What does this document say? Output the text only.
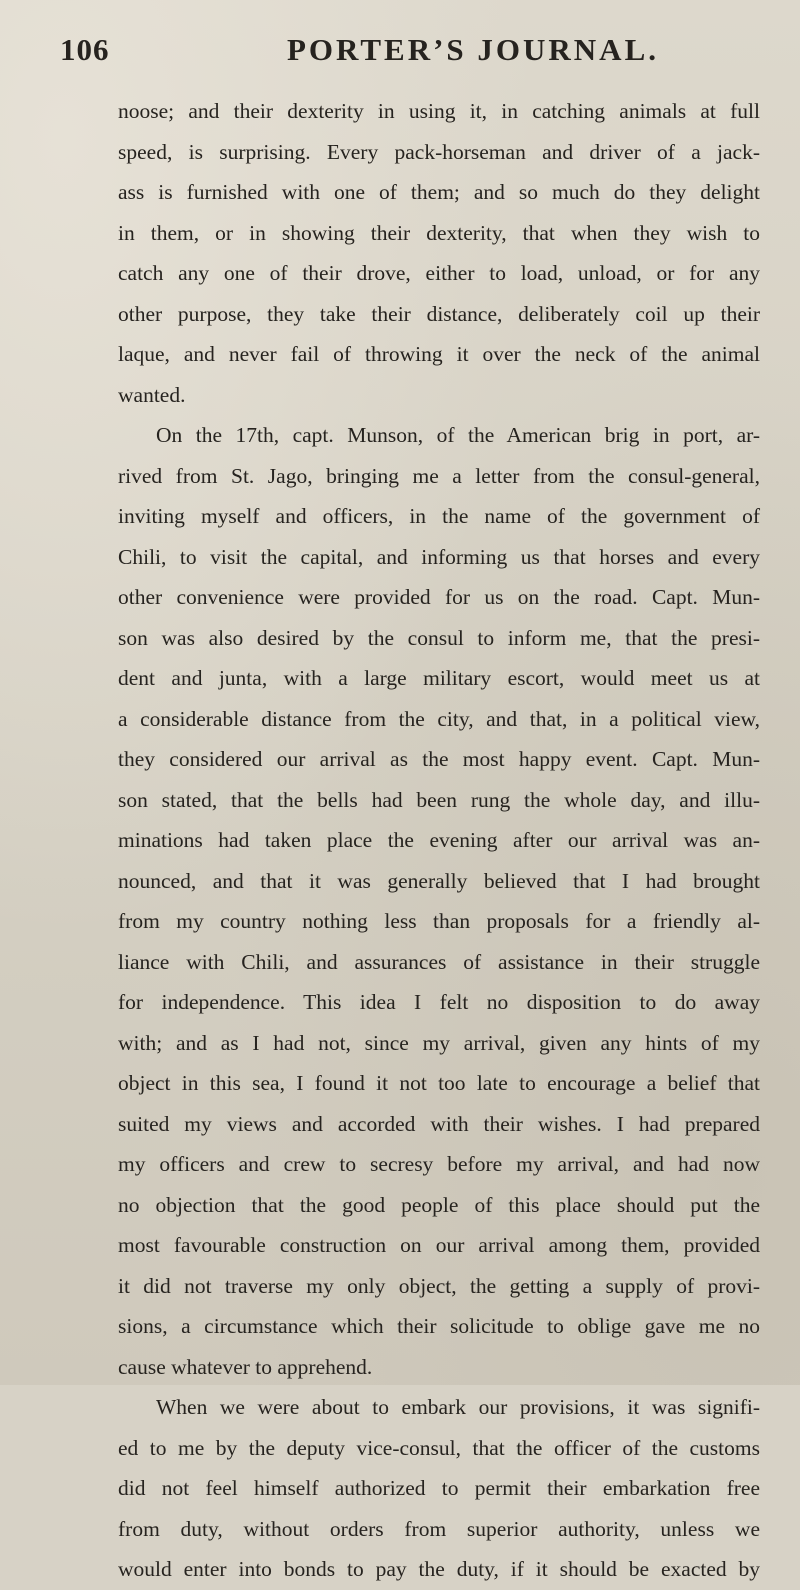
106	PORTER’S JOURNAL.
noose; and their dexterity in using it, in catching animals at full
speed, is surprising. Every pack-horseman and driver of a jack-
ass is furnished with one of them; and so much do they delight
in them, or in showing their dexterity, that when they wish to
catch any one of their drove, either to load, unload, or for any
other purpose, they take their distance, deliberately coil up their
laque, and never fail of throwing it over the neck of the animal
wanted.
On the 17th, capt. Munson, of the American brig in port, ar-
rived from St. Jago, bringing me a letter from the consul-general,
inviting myself and officers, in the name of the government of
Chili, to visit the capital, and informing us that horses and every
other convenience were provided for us on the road. Capt. Mun-
son was also desired by the consul to inform me, that the presi-
dent and junta, with a large military escort, would meet us at
a considerable distance from the city, and that, in a political view,
they considered our arrival as the most happy event. Capt. Mun-
son stated, that the bells had been rung the whole day, and illu-
minations had taken place the evening after our arrival was an-
nounced, and that it was generally believed that I had brought
from my country nothing less than proposals for a friendly al-
liance with Chili, and assurances of assistance in their struggle
for independence. This idea I felt no disposition to do away
with; and as I had not, since my arrival, given any hints of my
object in this sea, I found it not too late to encourage a belief that
suited my views and accorded with their wishes. I had prepared
my officers and crew to secresy before my arrival, and had now
no objection that the good people of this place should put the
most favourable construction on our arrival among them, provided
it did not traverse my only object, the getting a supply of provi-
sions, a circumstance which their solicitude to oblige gave me no
cause whatever to apprehend.
When we were about to embark our provisions, it was signifi-
ed to me by the deputy vice-consul, that the officer of the customs
did not feel himself authorized to permit their embarkation free
from duty, without orders from superior authority, unless we
would enter into bonds to pay the duty, if it should be exacted by
